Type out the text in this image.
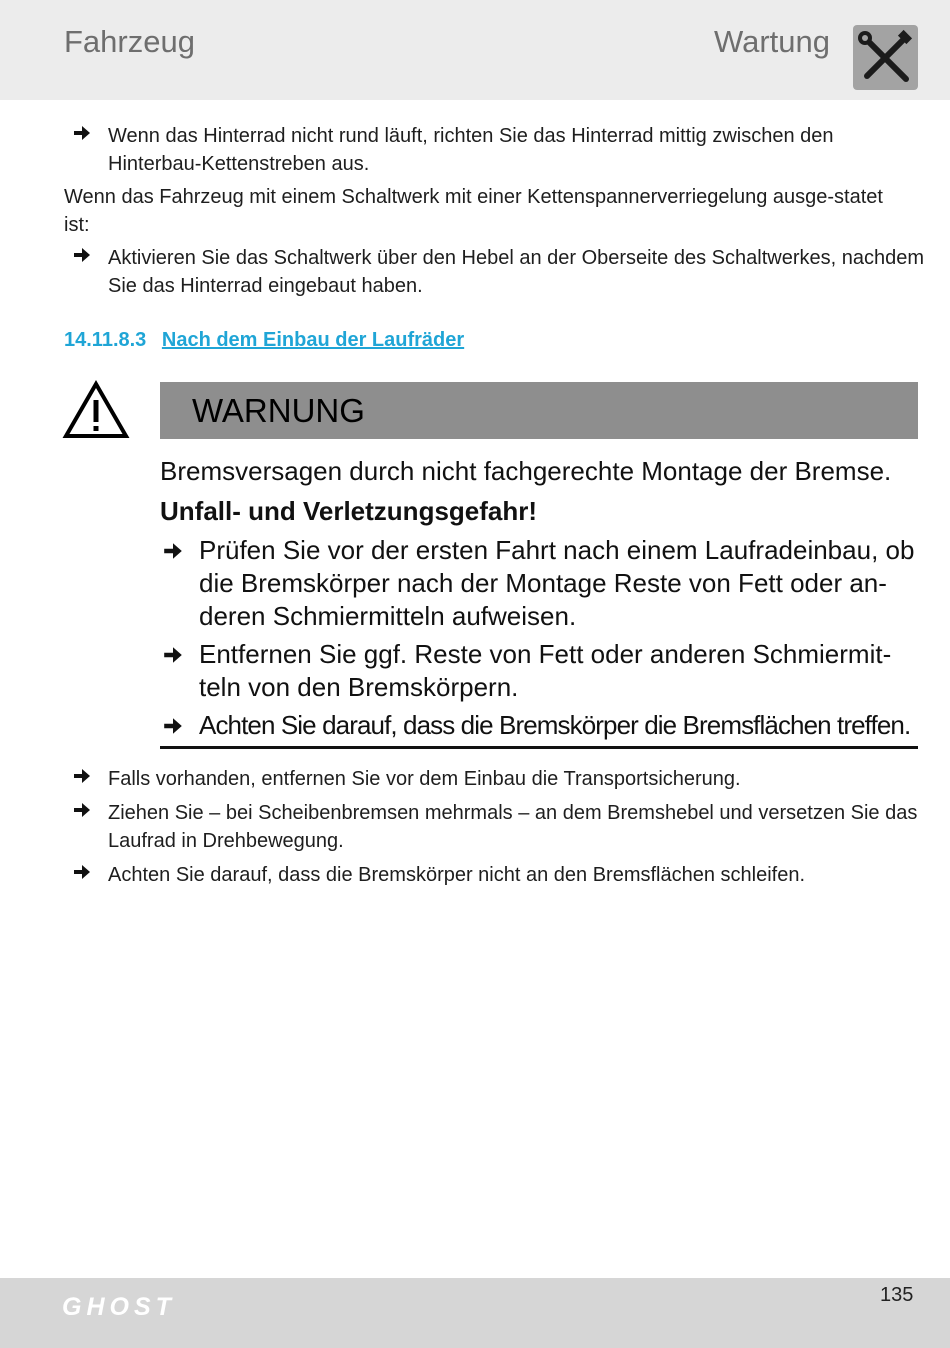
Fahrzeug	Wartung
Wenn das Hinterrad nicht rund läuft, richten Sie das Hinterrad mittig zwischen den Hinterbau-Kettenstreben aus.
Wenn das Fahrzeug mit einem Schaltwerk mit einer Kettenspannerverriegelung ausge-statet ist:
Aktivieren Sie das Schaltwerk über den Hebel an der Oberseite des Schaltwerkes, nachdem Sie das Hinterrad eingebaut haben.
14.11.8.3 Nach dem Einbau der Laufräder
WARNUNG
Bremsversagen durch nicht fachgerechte Montage der Bremse.
Unfall- und Verletzungsgefahr!
Prüfen Sie vor der ersten Fahrt nach einem Laufradeinbau, ob die Bremskörper nach der Montage Reste von Fett oder an-deren Schmiermitteln aufweisen.
Entfernen Sie ggf. Reste von Fett oder anderen Schmiermit-teln von den Bremskörpern.
Achten Sie darauf, dass die Bremskörper die Bremsflächen treffen.
Falls vorhanden, entfernen Sie vor dem Einbau die Transportsicherung.
Ziehen Sie – bei Scheibenbremsen mehrmals – an dem Bremshebel und versetzen Sie das Laufrad in Drehbewegung.
Achten Sie darauf, dass die Bremskörper nicht an den Bremsflächen schleifen.
GHOST	135
